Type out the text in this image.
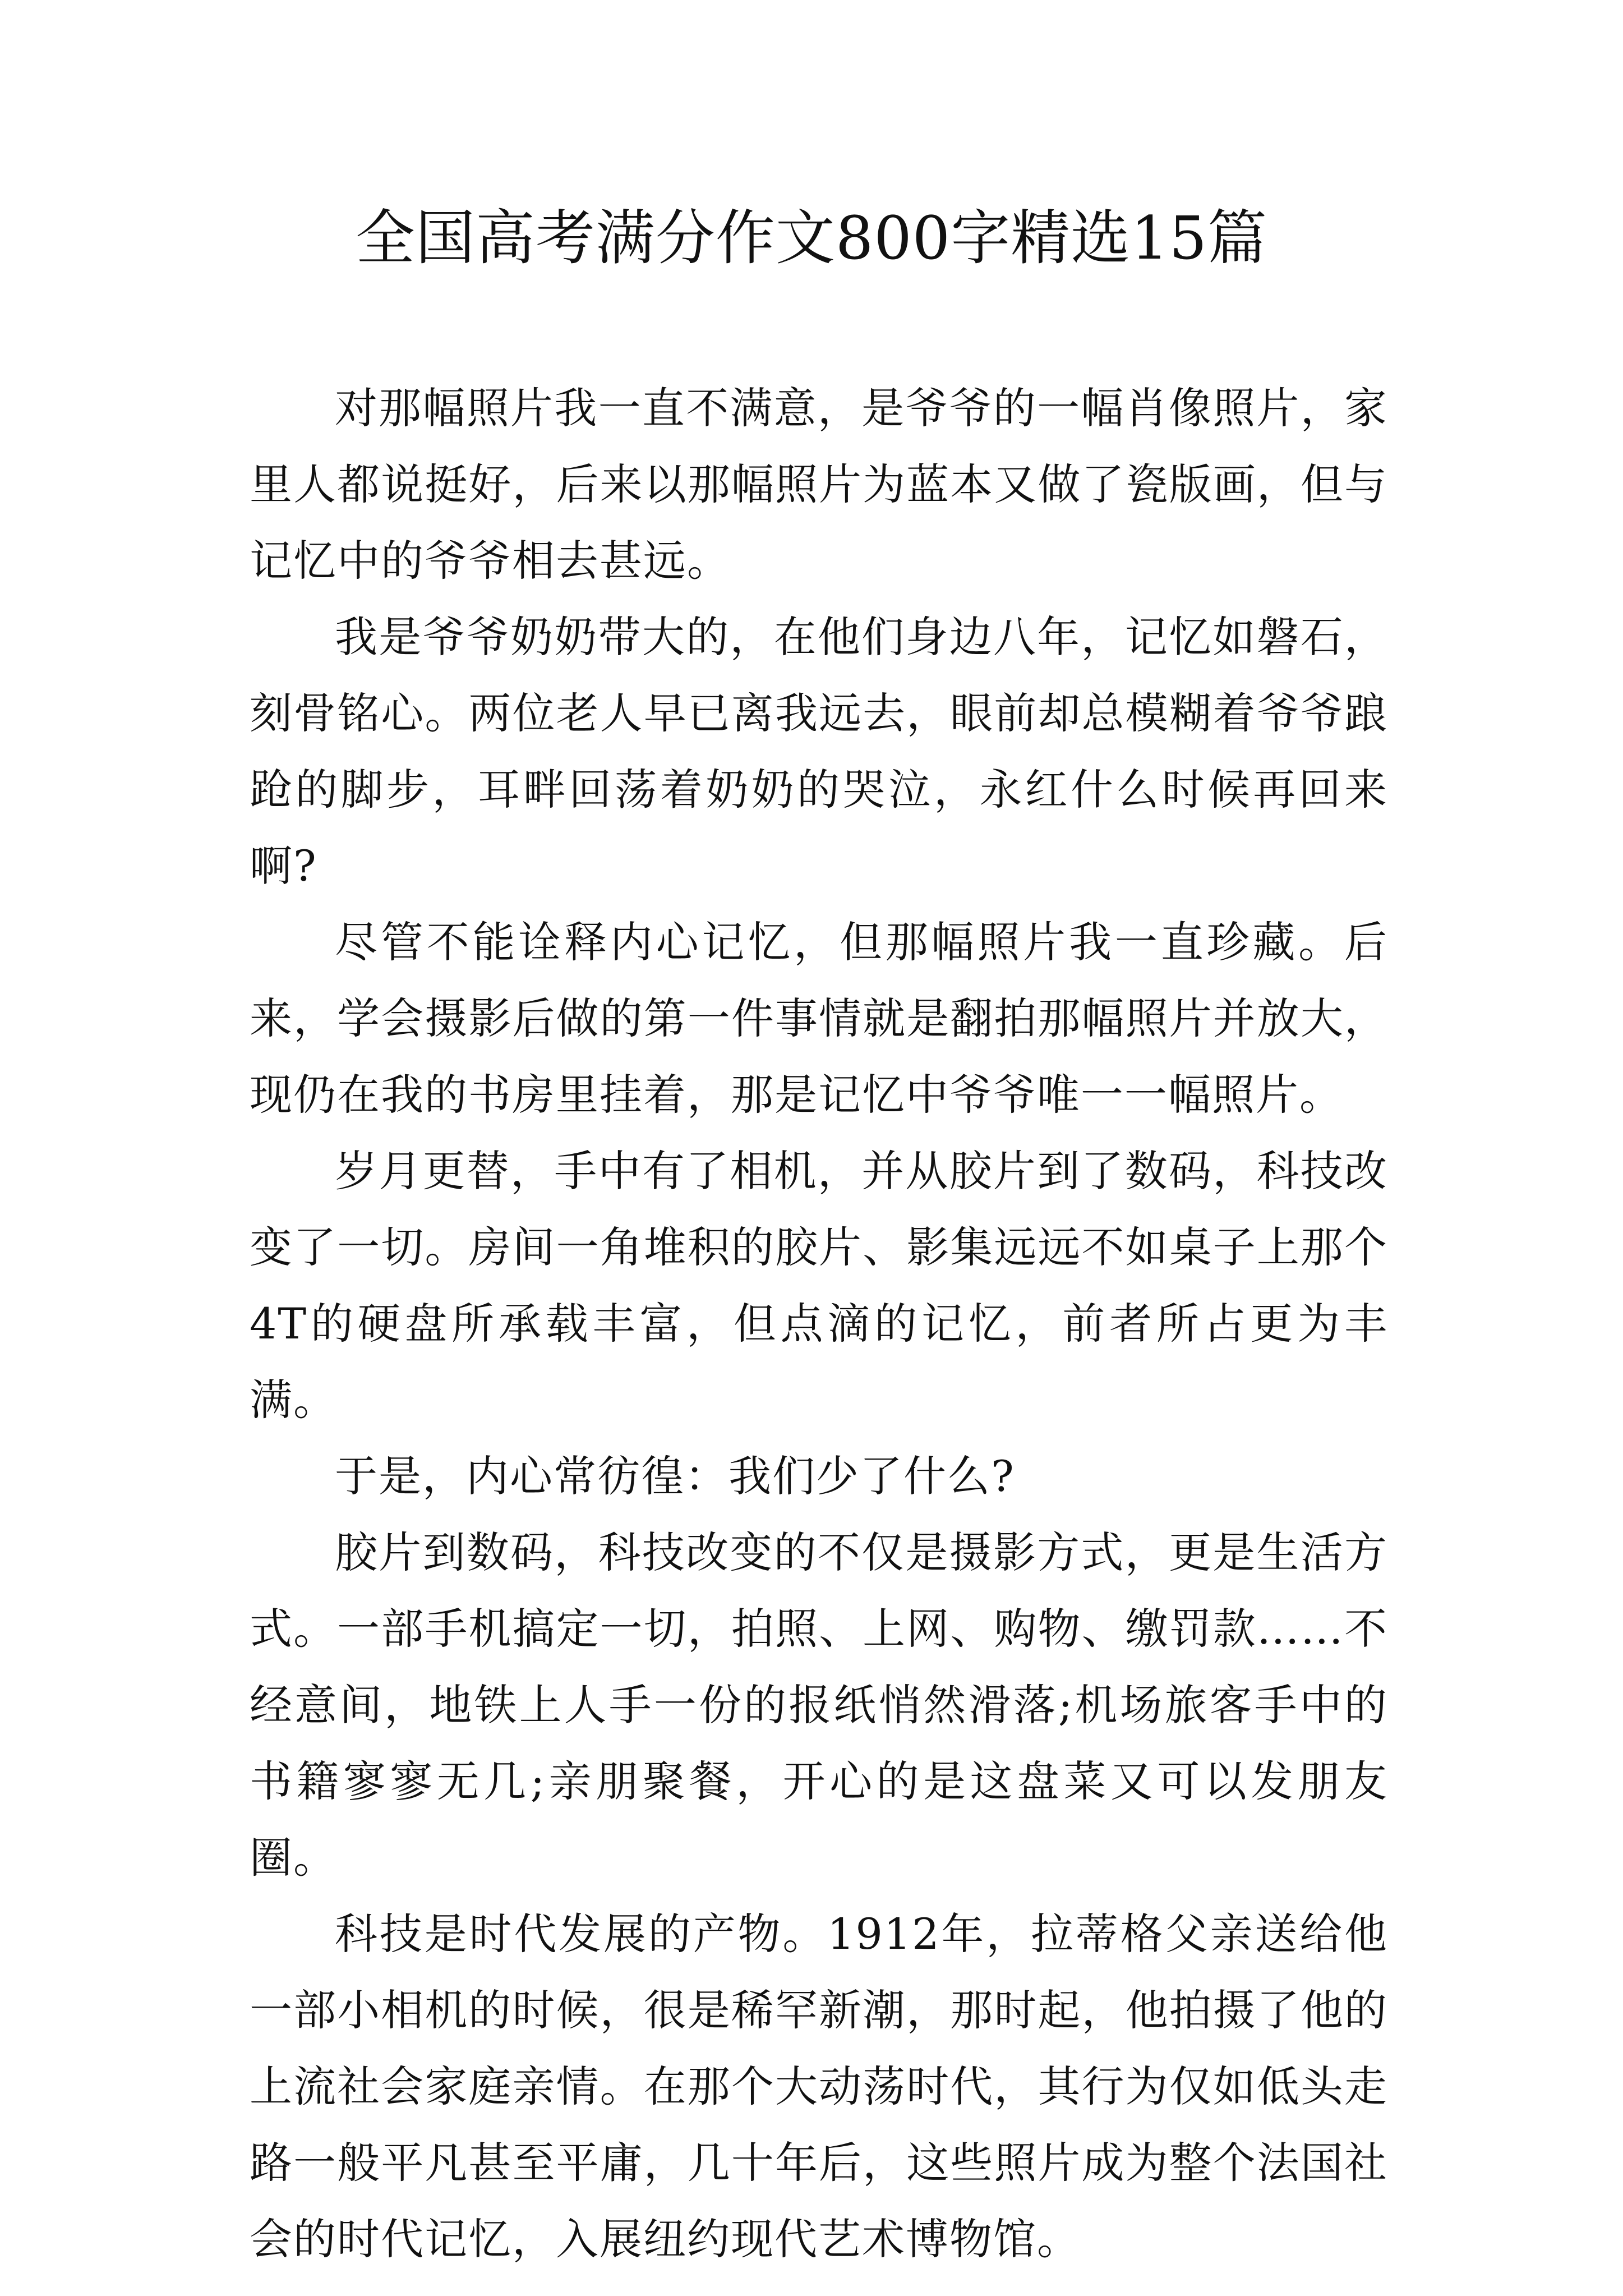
全国高考满分作文800字精选15篇

对那幅照片我一直不满意，是爷爷的一幅肖像照片，家里人都说挺好，后来以那幅照片为蓝本又做了瓷版画，但与记忆中的爷爷相去甚远。

我是爷爷奶奶带大的，在他们身边八年，记忆如磐石，刻骨铭心。两位老人早已离我远去，眼前却总模糊着爷爷踉跄的脚步，耳畔回荡着奶奶的哭泣，永红什么时候再回来啊?

尽管不能诠释内心记忆，但那幅照片我一直珍藏。后来，学会摄影后做的第一件事情就是翻拍那幅照片并放大，现仍在我的书房里挂着，那是记忆中爷爷唯一一幅照片。

岁月更替，手中有了相机，并从胶片到了数码，科技改变了一切。房间一角堆积的胶片、影集远远不如桌子上那个4T的硬盘所承载丰富，但点滴的记忆，前者所占更为丰满。

于是，内心常彷徨：我们少了什么?

胶片到数码，科技改变的不仅是摄影方式，更是生活方式。一部手机搞定一切，拍照、上网、购物、缴罚款……不经意间，地铁上人手一份的报纸悄然滑落;机场旅客手中的书籍寥寥无几;亲朋聚餐，开心的是这盘菜又可以发朋友圈。

科技是时代发展的产物。1912年，拉蒂格父亲送给他一部小相机的时候，很是稀罕新潮，那时起，他拍摄了他的上流社会家庭亲情。在那个大动荡时代，其行为仅如低头走路一般平凡甚至平庸，几十年后，这些照片成为整个法国社会的时代记忆，入展纽约现代艺术博物馆。
